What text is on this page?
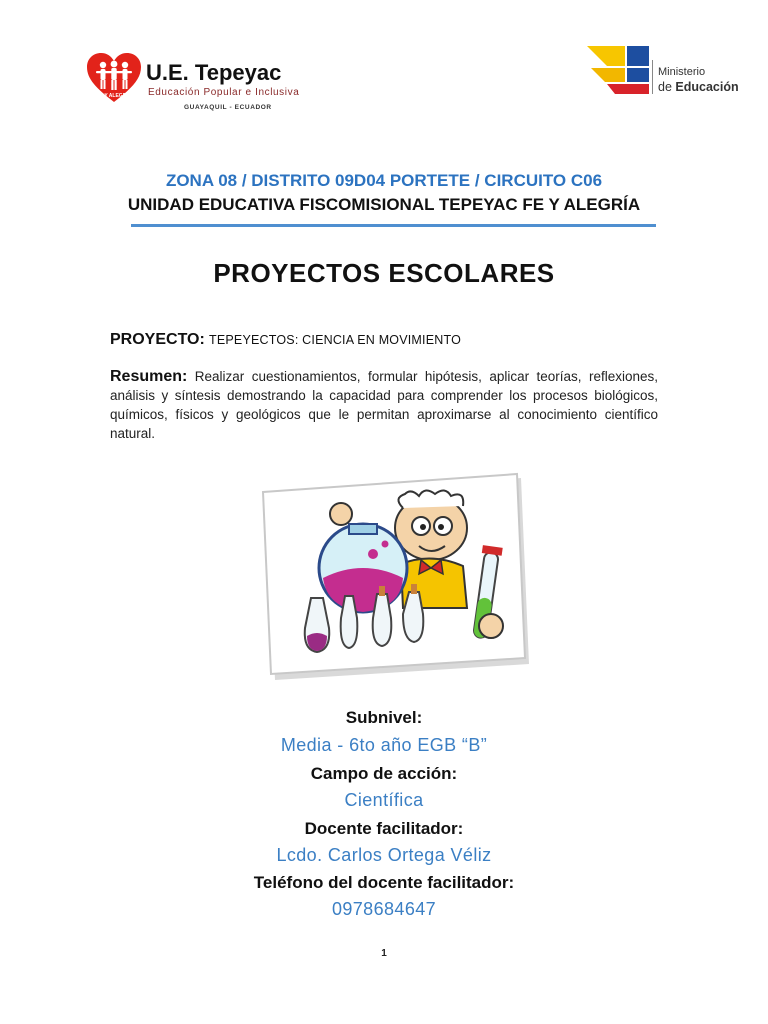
FE Y ALEGRÍA
U.E. Tepeyac
Educación Popular e Inclusiva
GUAYAQUIL - ECUADOR
Ministerio
de Educación
ZONA 08 / DISTRITO 09D04 PORTETE / CIRCUITO C06
UNIDAD EDUCATIVA FISCOMISIONAL TEPEYAC FE Y ALEGRÍA
PROYECTOS ESCOLARES
PROYECTO: TEPEYECTOS: CIENCIA EN MOVIMIENTO
Resumen: Realizar cuestionamientos, formular hipótesis, aplicar teorías, reflexiones, análisis y síntesis demostrando la capacidad para comprender los procesos biológicos, químicos, físicos y geológicos que le permitan aproximarse al conocimiento científico natural.
Subnivel:
Media - 6to año EGB “B”
Campo de acción:
Científica
Docente facilitador:
Lcdo. Carlos Ortega Véliz
Teléfono del docente facilitador:
0978684647
1
